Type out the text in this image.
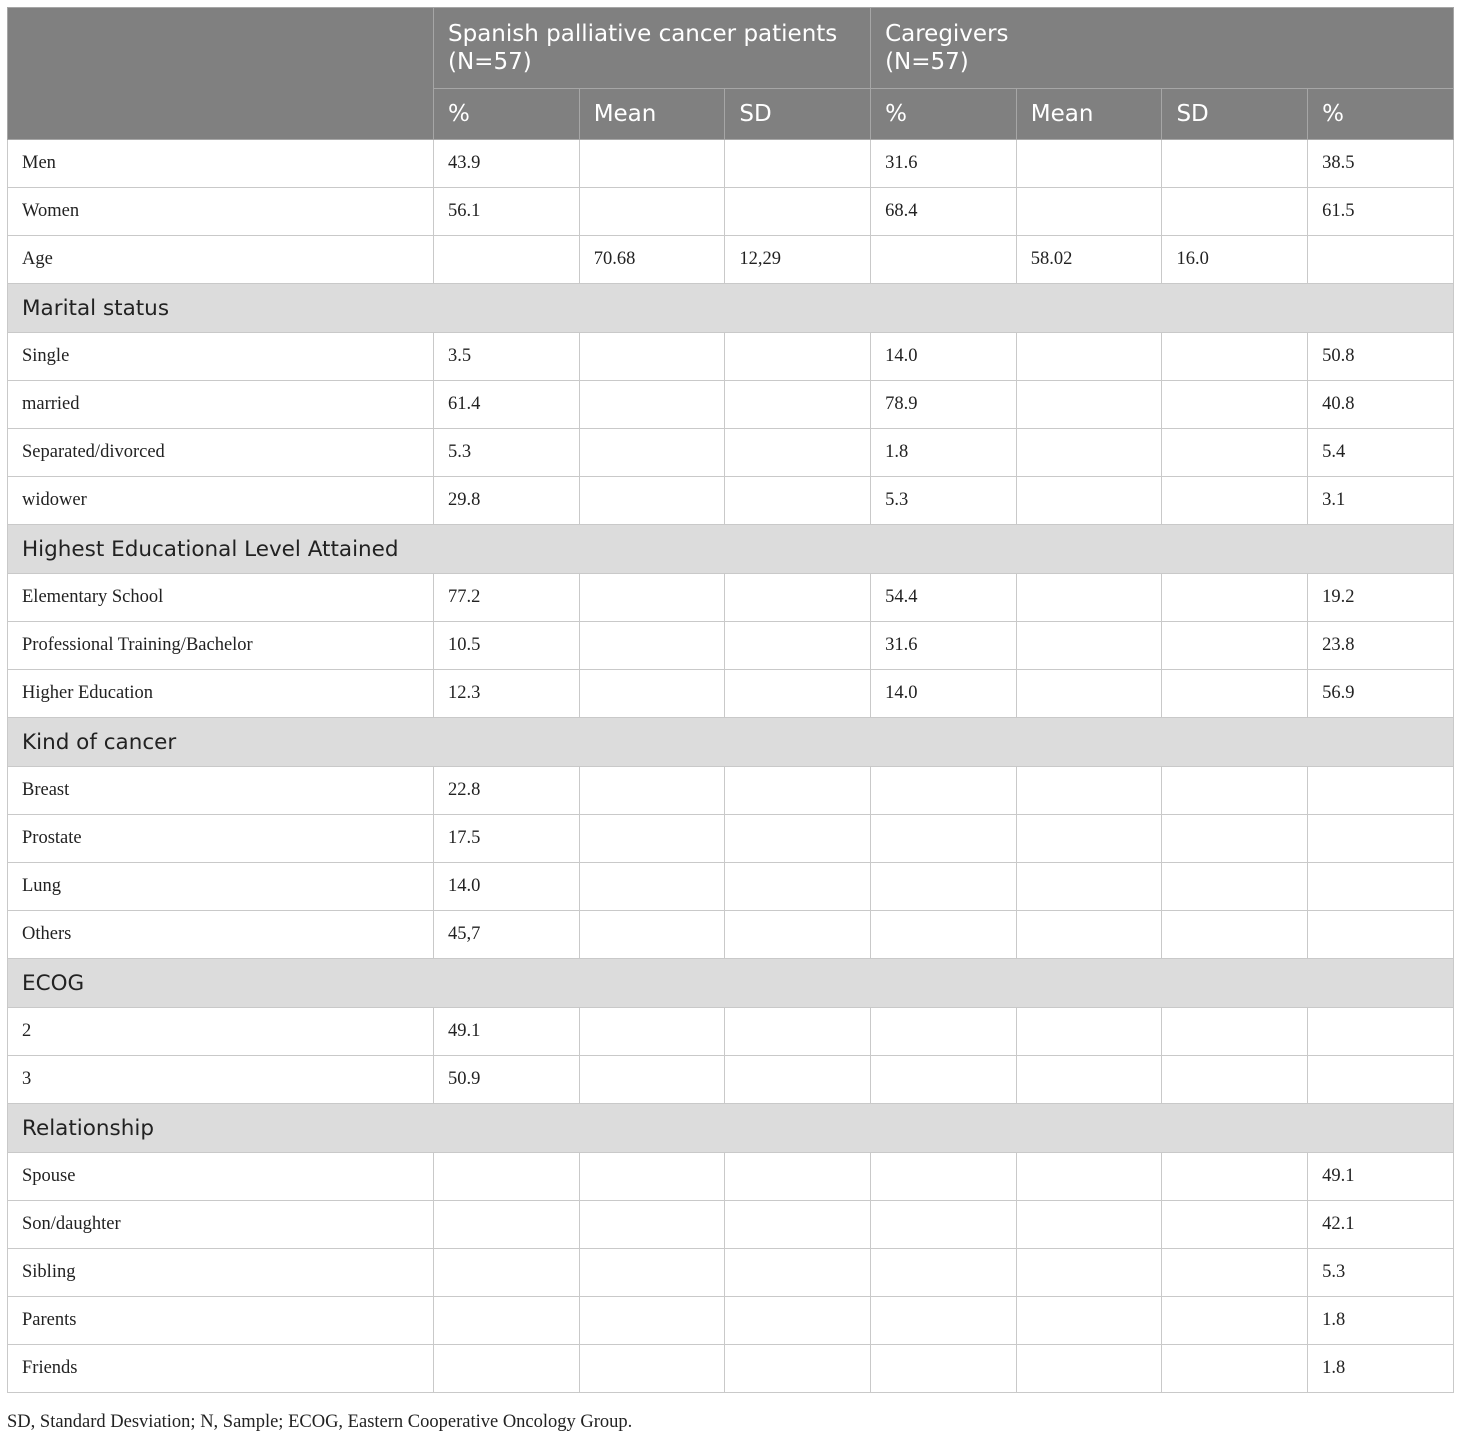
	Spanish palliative cancer patients
(N=57)			Caregivers
(N=57)			
	%	Mean	SD	%	Mean	SD	%
Men	43.9			31.6			38.5
Women	56.1			68.4			61.5
Age		70.68	12,29		58.02	16.0	
Marital status							
Single	3.5			14.0			50.8
married	61.4			78.9			40.8
Separated/divorced	5.3			1.8			5.4
widower	29.8			5.3			3.1
Highest Educational Level Attained							
Elementary School	77.2			54.4			19.2
Professional Training/Bachelor	10.5			31.6			23.8
Higher Education	12.3			14.0			56.9
Kind of cancer							
Breast	22.8						
Prostate	17.5						
Lung	14.0						
Others	45,7						
ECOG							
2	49.1						
3	50.9						
Relationship							
Spouse							49.1
Son/daughter							42.1
Sibling							5.3
Parents							1.8
Friends							1.8
SD, Standard Desviation; N, Sample; ECOG, Eastern Cooperative Oncology Group.
